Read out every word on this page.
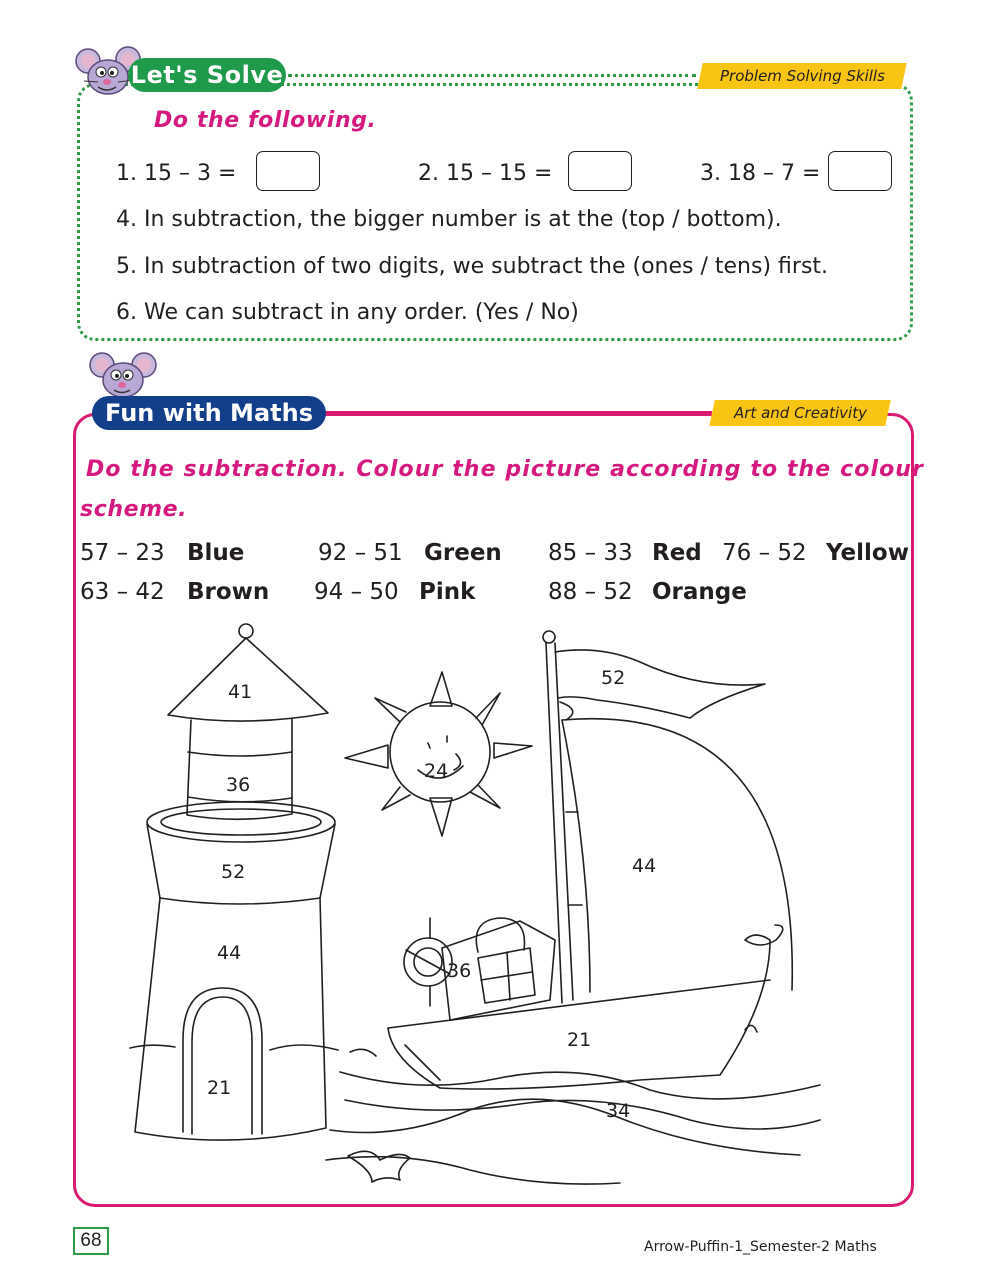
Let's Solve	Problem Solving Skills
Do the following.
1. 15 – 3 =	2. 15 – 15 =	3. 18 – 7 =
4. In subtraction, the bigger number is at the (top / bottom).
5. In subtraction of two digits, we subtract the (ones / tens) first.
6. We can subtract in any order. (Yes / No)
Fun with Maths	Art and Creativity
Do the subtraction. Colour the picture according to the colour
scheme.
57 – 23 Blue	92 – 51 Green 85 – 33 Red 76 – 52 Yellow
63 – 42 Brown 94 – 50 Pink	88 – 52 Orange
41
36
52
44
21
24
52
44
36
21
34
68	Arrow-Puffin-1_Semester-2 Maths
